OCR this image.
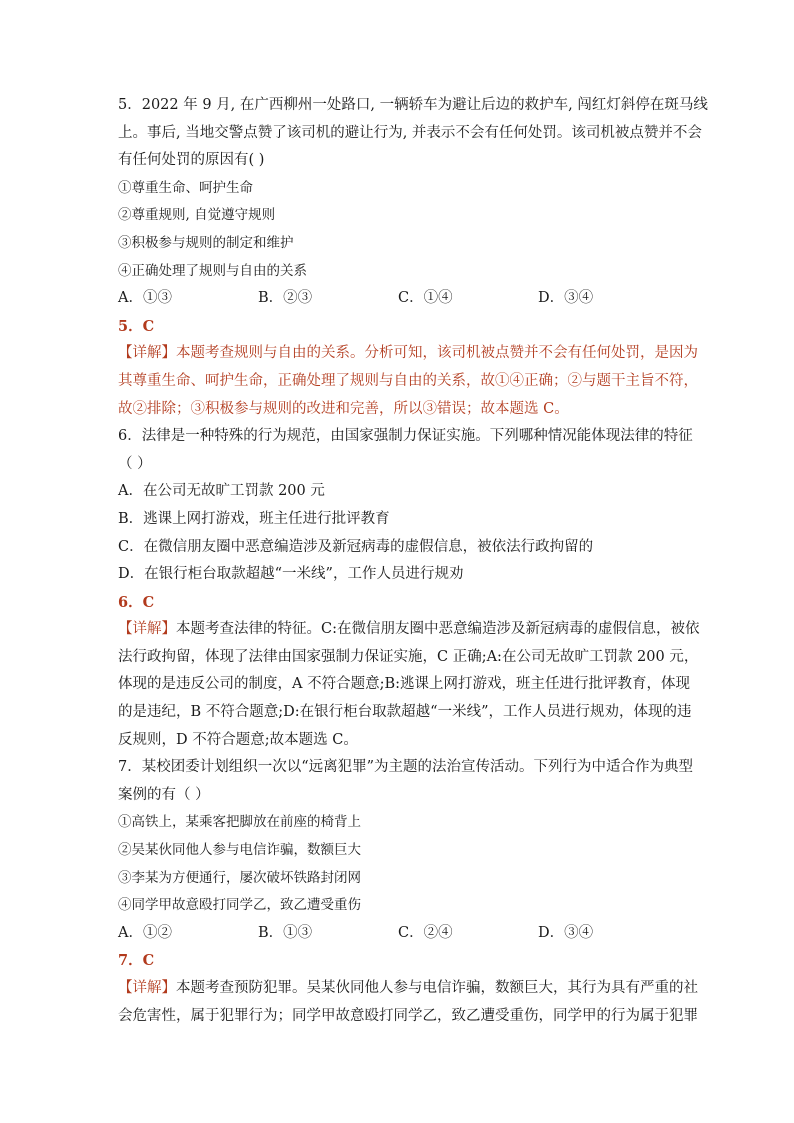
5．2022 年 9 月, 在广西柳州一处路口, 一辆轿车为避让后边的救护车, 闯红灯斜停在斑马线
上。事后, 当地交警点赞了该司机的避让行为, 并表示不会有任何处罚。该司机被点赞并不会
有任何处罚的原因有( )
①尊重生命、呵护生命
②尊重规则, 自觉遵守规则
③积极参与规则的制定和维护
④正确处理了规则与自由的关系
A．①③	B．②③	C．①④	D．③④
5．C
【详解】本题考查规则与自由的关系。分析可知，该司机被点赞并不会有任何处罚，是因为
其尊重生命、呵护生命，正确处理了规则与自由的关系，故①④正确；②与题干主旨不符，
故②排除；③积极参与规则的改进和完善，所以③错误；故本题选 C。
6．法律是一种特殊的行为规范，由国家强制力保证实施。下列哪种情况能体现法律的特征
（ ）
A．在公司无故旷工罚款 200 元
B．逃课上网打游戏，班主任进行批评教育
C．在微信朋友圈中恶意编造涉及新冠病毒的虚假信息，被依法行政拘留的
D．在银行柜台取款超越“一米线”，工作人员进行规劝
6．C
【详解】本题考查法律的特征。C:在微信朋友圈中恶意编造涉及新冠病毒的虚假信息，被依
法行政拘留，体现了法律由国家强制力保证实施，C 正确;A:在公司无故旷工罚款 200 元，
体现的是违反公司的制度，A 不符合题意;B:逃课上网打游戏，班主任进行批评教育，体现
的是违纪，B 不符合题意;D:在银行柜台取款超越“一米线”，工作人员进行规劝，体现的违
反规则，D 不符合题意;故本题选 C。
7．某校团委计划组织一次以“远离犯罪”为主题的法治宣传活动。下列行为中适合作为典型
案例的有（ ）
①高铁上，某乘客把脚放在前座的椅背上
②吴某伙同他人参与电信诈骗，数额巨大
③李某为方便通行，屡次破坏铁路封闭网
④同学甲故意殴打同学乙，致乙遭受重伤
A．①②	B．①③	C．②④	D．③④
7．C
【详解】本题考查预防犯罪。吴某伙同他人参与电信诈骗，数额巨大，其行为具有严重的社
会危害性，属于犯罪行为；同学甲故意殴打同学乙，致乙遭受重伤，同学甲的行为属于犯罪
